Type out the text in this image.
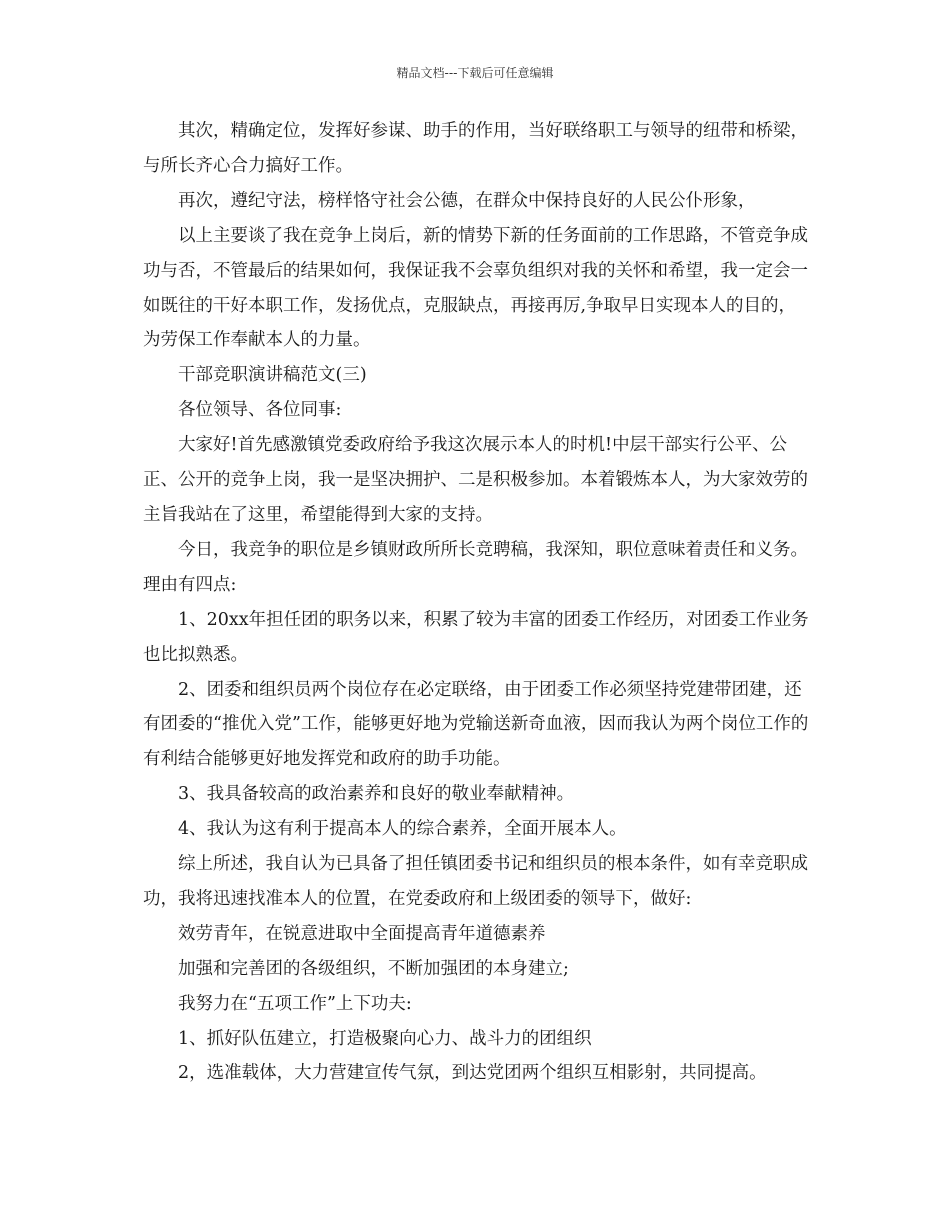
精品文档---下载后可任意编辑

其次，精确定位，发挥好参谋、助手的作用，当好联络职工与领导的纽带和桥梁，与所长齐心合力搞好工作。

再次，遵纪守法，榜样恪守社会公德，在群众中保持良好的人民公仆形象，

以上主要谈了我在竞争上岗后，新的情势下新的任务面前的工作思路，不管竞争成功与否，不管最后的结果如何，我保证我不会辜负组织对我的关怀和希望，我一定会一如既往的干好本职工作，发扬优点，克服缺点，再接再厉,争取早日实现本人的目的，为劳保工作奉献本人的力量。

干部竞职演讲稿范文(三)

各位领导、各位同事:

大家好!首先感激镇党委政府给予我这次展示本人的时机!中层干部实行公平、公正、公开的竞争上岗，我一是坚决拥护、二是积极参加。本着锻炼本人，为大家效劳的主旨我站在了这里，希望能得到大家的支持。

今日，我竞争的职位是乡镇财政所所长竞聘稿，我深知，职位意味着责任和义务。理由有四点:

1、20xx年担任团的职务以来，积累了较为丰富的团委工作经历，对团委工作业务也比拟熟悉。

2、团委和组织员两个岗位存在必定联络，由于团委工作必须坚持党建带团建，还有团委的“推优入党”工作，能够更好地为党输送新奇血液，因而我认为两个岗位工作的有利结合能够更好地发挥党和政府的助手功能。

3、我具备较高的政治素养和良好的敬业奉献精神。

4、我认为这有利于提高本人的综合素养，全面开展本人。

综上所述，我自认为已具备了担任镇团委书记和组织员的根本条件，如有幸竞职成功，我将迅速找准本人的位置，在党委政府和上级团委的领导下，做好:

效劳青年，在锐意进取中全面提高青年道德素养

加强和完善团的各级组织，不断加强团的本身建立;

我努力在“五项工作”上下功夫:

1、抓好队伍建立，打造极聚向心力、战斗力的团组织

2，选准载体，大力营建宣传气氛，到达党团两个组织互相影射，共同提高。
